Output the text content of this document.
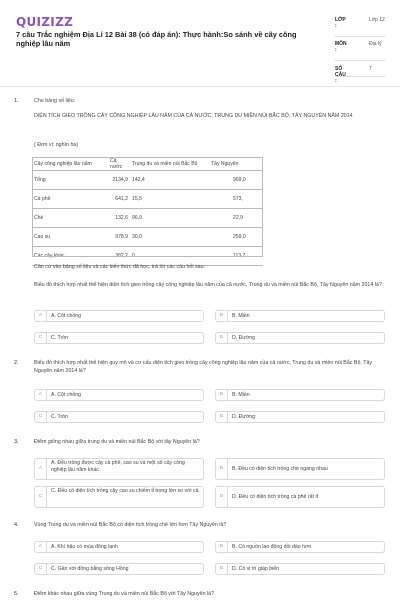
QUIZIZZ
7 câu Trắc nghiệm Địa Lí 12 Bài 38 (có đáp án): Thực hành:So sánh về cây công nghiệp lâu năm
LỚP :
Lớp 12
MÔN :
Địa lý
SỐ CÂU :
7
1.	Cho bảng số liệu:
DIỆN TÍCH GIEO TRỒNG CÂY CÔNG NGHIỆP LÂU NĂM CỦA CẢ NƯỚC, TRUNG DU MIỀN NÚI BẮC BỘ, TÂY NGUYÊN NĂM 2014
( Đơn vị: nghìn ha)
Cây công nghiệp lâu năm	Cả nước	Trung du và miền núi Bắc Bộ	Tây Nguyên
Tổng	2134,9	142,4	969,0
Cà phê	641,2	15,5	573,
Chè	132,6	96,9	22,9
Cao su	978,9	30,0	259,0
Các cây khác	382,2	0	113,7
Căn cứ vào bảng số liệu và các kiến thức đã học, trả lời các câu hỏi sau:
Biểu đồ thích hợp nhất thể hiện diện tích gieo trồng cây công nghiệp lâu năm của cả nước, Trung du và miền núi Bắc Bộ, Tây Nguyên năm 2014 là?
A	A. Cột chồng	B	B. Miền
C	C. Tròn	D	D. Đường
2.	Biểu đồ thích hợp nhất thể hiện quy mô và cơ cấu diện tích gieo trồng cây công nghiệp lâu năm của cả nước, Trung du và miền núi Bắc Bộ, Tây Nguyên năm 2014 là?
A	A. Cột chồng	B	B. Miền
C	C. Tròn	D	D. Đường
3.	Điểm giống nhau giữa trung du và miền núi Bắc Bộ với tây Nguyên là?
A
A. Đều trồng được cây cà phê, cao su và một số cây công nghiệp lâu năm khác	B	B. Đều có diện tích trồng chè ngang nhau
C
C. Đều có diện tích trồng cây cao su chiếm tỉ trọng lớn so với cả
D	D. Đều có diện tích trồng cà phê rất ít
4.	Vùng Trung du và miền núi Bắc Bộ có diện tích trồng chè lớn hơn Tây Nguyên là?
A	A. Khí hậu có mùa đông lạnh	B	B. Có nguồn lao động dồi dào hơn
C	C. Gần với đồng bằng sông Hồng	D	D. Có vị trí giáp biển
5.	Điểm khác nhau giữa vùng Trung du và miền núi Bắc Bộ với Tây Nguyên là?
